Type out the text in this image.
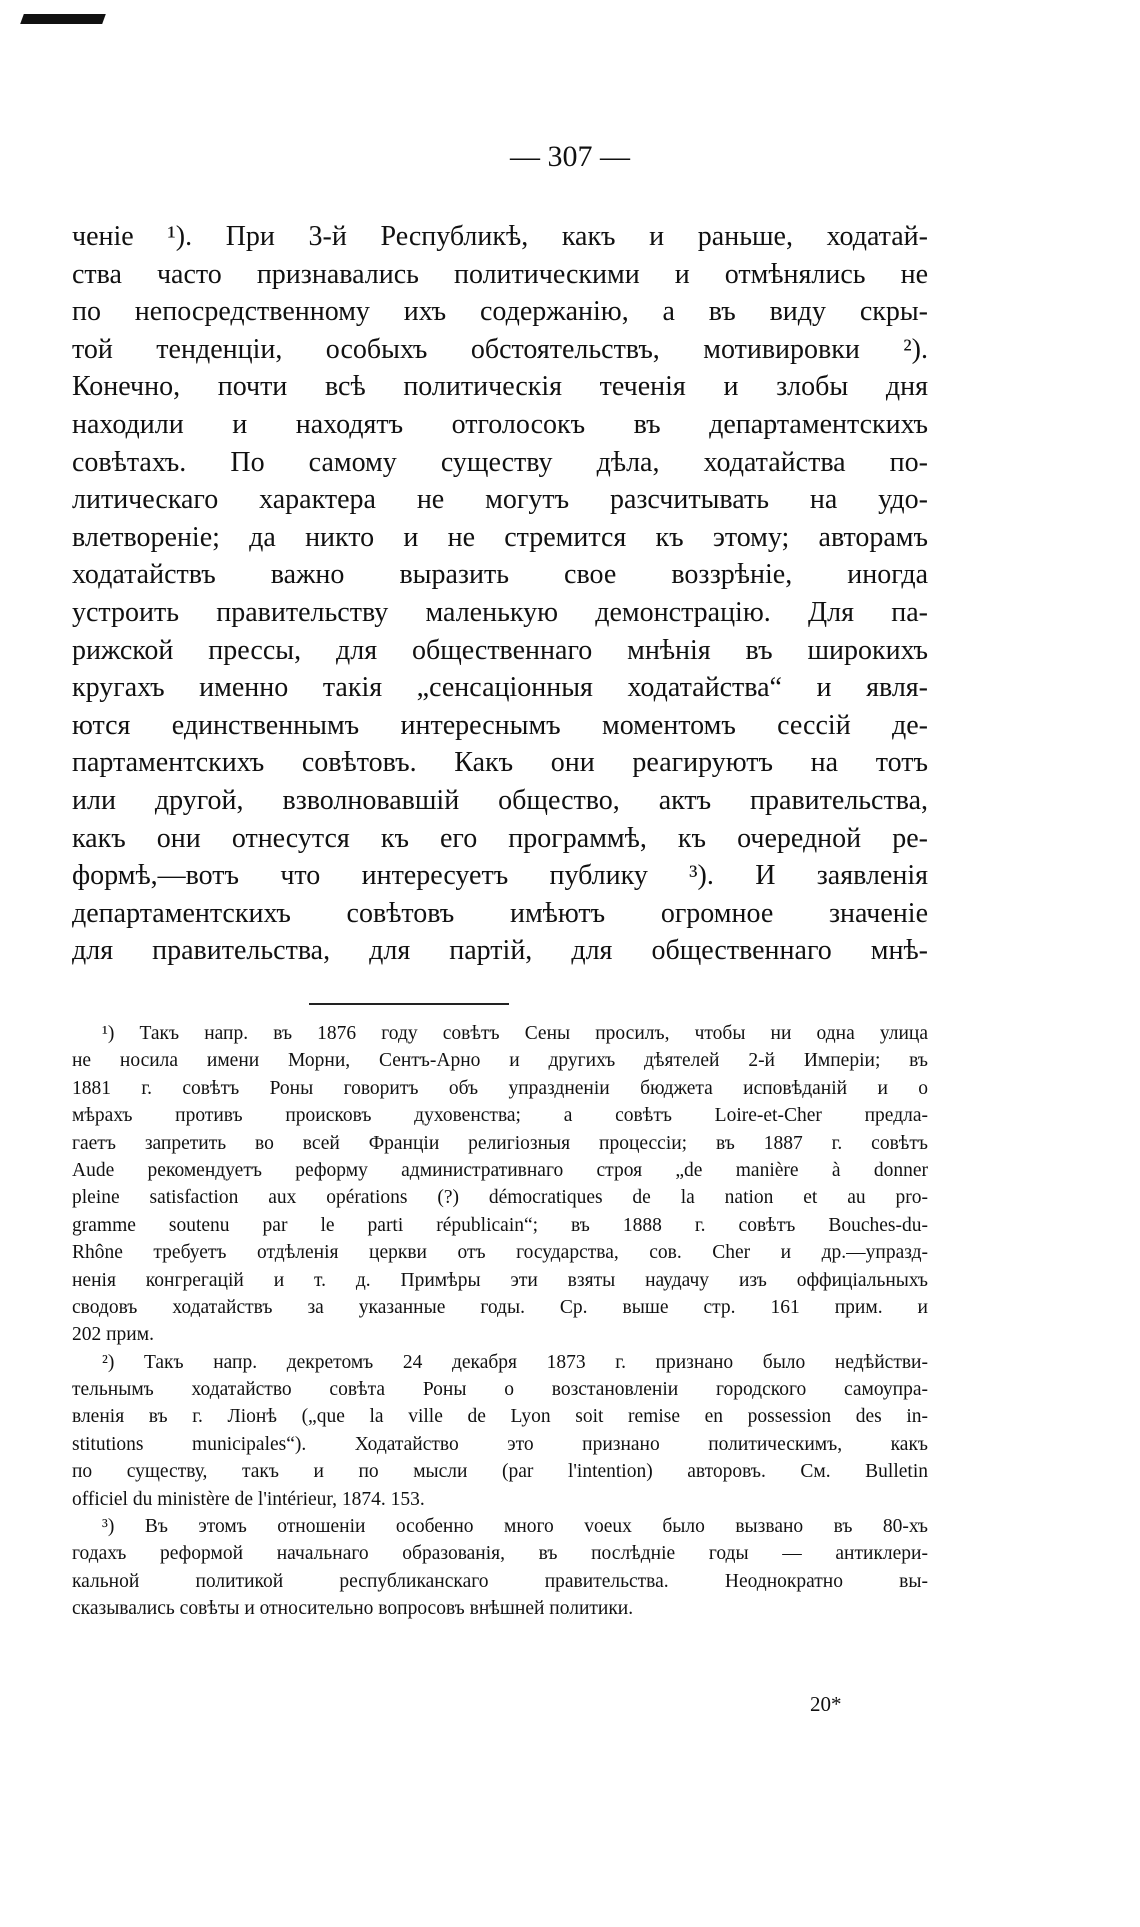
— 307 —
ченіе ¹). При 3-й Республикѣ, какъ и раньше, ходатай-
ства часто признавались политическими и отмѣнялись не
по непосредственному ихъ содержанію, а въ виду скры-
той тенденціи, особыхъ обстоятельствъ, мотивировки ²).
Конечно, почти всѣ политическія теченія и злобы дня
находили и находятъ отголосокъ въ департаментскихъ
совѣтахъ. По самому существу дѣла, ходатайства по-
литическаго характера не могутъ разсчитывать на удо-
влетвореніе; да никто и не стремится къ этому; авторамъ
ходатайствъ важно выразить свое воззрѣніе, иногда
устроить правительству маленькую демонстрацію. Для па-
рижской прессы, для общественнаго мнѣнія въ широкихъ
кругахъ именно такія „сенсаціонныя ходатайства“ и явля-
ются единственнымъ интереснымъ моментомъ сессій де-
партаментскихъ совѣтовъ. Какъ они реагируютъ на тотъ
или другой, взволновавшій общество, актъ правительства,
какъ они отнесутся къ его программѣ, къ очередной ре-
формѣ,—вотъ что интересуетъ публику ³). И заявленія
департаментскихъ совѣтовъ имѣютъ огромное значеніе
для правительства, для партій, для общественнаго мнѣ-
¹) Такъ напр. въ 1876 году совѣтъ Сены просилъ, чтобы ни одна улица
не носила имени Морни, Сентъ-Арно и другихъ дѣятелей 2-й Имперіи; въ
1881 г. совѣтъ Роны говоритъ объ упраздненіи бюджета исповѣданій и о
мѣрахъ противъ происковъ духовенства; а совѣтъ Loire-et-Cher предла-
гаетъ запретить во всей Франціи религіозныя процессіи; въ 1887 г. совѣтъ
Aude рекомендуетъ реформу административнаго строя „de manière à donner
pleine satisfaction aux opérations (?) démocratiques de la nation et au pro-
gramme soutenu par le parti républicain“; въ 1888 г. совѣтъ Bouches-du-
Rhône требуетъ отдѣленія церкви отъ государства, сов. Cher и др.—упразд-
ненія конгрегацій и т. д. Примѣры эти взяты наудачу изъ оффиціальныхъ
сводовъ ходатайствъ за указанные годы. Ср. выше стр. 161 прим. и
202 прим.
²) Такъ напр. декретомъ 24 декабря 1873 г. признано было недѣйстви-
тельнымъ ходатайство совѣта Роны о возстановленіи городского самоупра-
вленія въ г. Ліонѣ („que la ville de Lyon soit remise en possession des in-
stitutions municipales“). Ходатайство это признано политическимъ, какъ
по существу, такъ и по мысли (par l'intention) авторовъ. См. Bulletin
officiel du ministère de l'intérieur, 1874. 153.
³) Въ этомъ отношеніи особенно много voeux было вызвано въ 80-хъ
годахъ реформой начальнаго образованія, въ послѣдніе годы — антиклери-
кальной политикой республиканскаго правительства. Неоднократно вы-
сказывались совѣты и относительно вопросовъ внѣшней политики.
20*
